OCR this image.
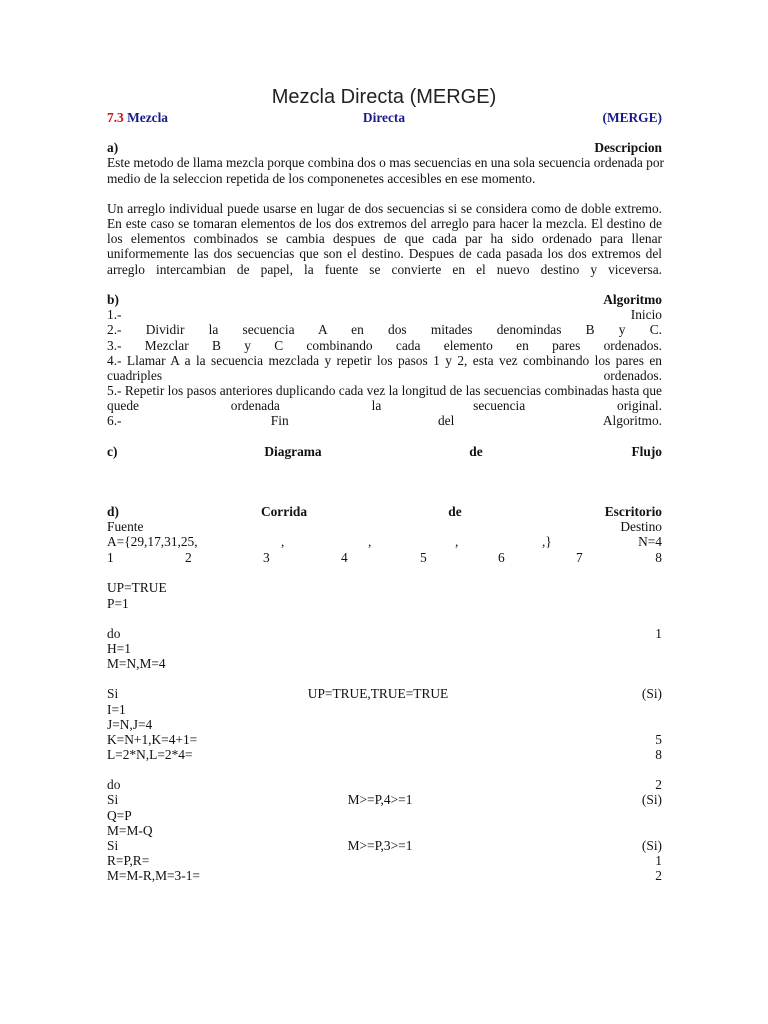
Mezcla Directa (MERGE)
7.3 Mezcla	Directa	(MERGE)
a)	Descripcion
Este metodo de llama mezcla porque combina dos o mas secuencias en una sola secuencia ordenada por
medio de la seleccion repetida de los componenetes accesibles en ese momento.
Un arreglo individual puede usarse en lugar de dos secuencias si se considera como de doble extremo.
En este caso se tomaran elementos de los dos extremos del arreglo para hacer la mezcla. El destino de
los elementos combinados se cambia despues de que cada par ha sido ordenado para llenar
uniformemente las dos secuencias que son el destino. Despues de cada pasada los dos extremos del
arreglo intercambian de papel, la fuente se convierte en el nuevo destino y viceversa.
b)	Algoritmo
1.- Inicio
2.- Dividir la secuencia A en dos mitades denomindas B y C.
3.- Mezclar B y C combinando cada elemento en pares ordenados.
4.- Llamar A a la secuencia mezclada y repetir los pasos 1 y 2, esta vez combinando los pares en
cuadriples ordenados.
5.- Repetir los pasos anteriores duplicando cada vez la longitud de las secuencias combinadas hasta que
quede ordenada la secuencia original.
6.- Fin del Algoritmo.
c)	Diagrama	de	Flujo
d)	Corrida	de	Escritorio
Fuente	Destino
A={29,17,31,25,	,	,	,	,}	N=4
1	2	3	4	5	6	7	8
UP=TRUE
P=1
do	1
H=1
M=N,M=4
Si	UP=TRUE,TRUE=TRUE	(Si)
I=1
J=N,J=4
K=N+1,K=4+1=	5
L=2*N,L=2*4=	8
do	2
Si	M>=P,4>=1	(Si)
Q=P
M=M-Q
Si	M>=P,3>=1	(Si)
R=P,R=	1
M=M-R,M=3-1=	2
